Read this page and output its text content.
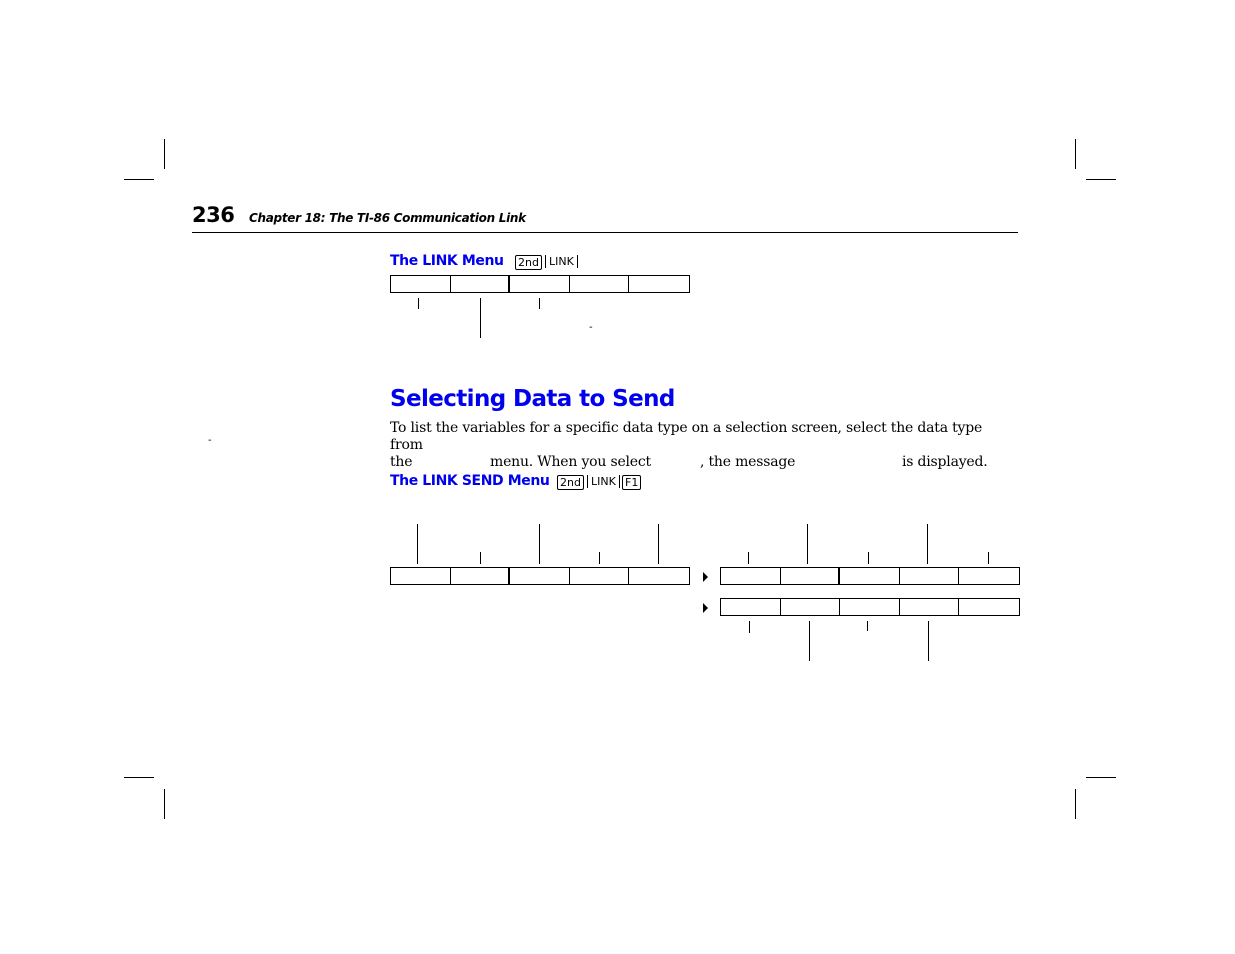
236 Chapter 18: The TI-86 Communication Link
The LINK Menu 2nd LINK
-
Selecting Data to Send
-
To list the variables for a specific data type on a selection screen, select the data type from
the	menu. When you select	, the message	is displayed.
The LINK SEND Menu 2nd LINK F1
